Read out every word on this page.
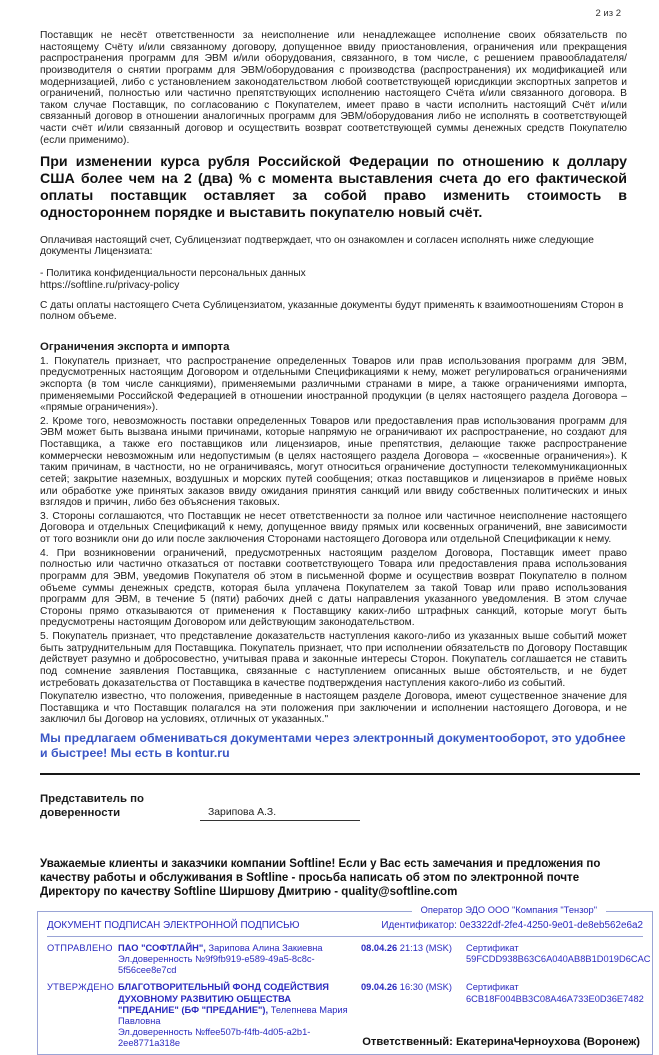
2 из 2

Поставщик не несёт ответственности за неисполнение или ненадлежащее исполнение своих обязательств по настоящему Счёту и/или связанному договору, допущенное ввиду приостановления, ограничения или прекращения распространения программ для ЭВМ и/или оборудования, связанного, в том числе, с решением правообладателя/производителя о снятии программ для ЭВМ/оборудования с производства (распространения) их модификацией или модернизацией, либо с установлением законодательством любой соответствующей юрисдикции экспортных запретов и ограничений, полностью или частично препятствующих исполнению настоящего Счёта и/или связанного договора. В таком случае Поставщик, по согласованию с Покупателем, имеет право в части исполнить настоящий Счёт и/или связанный договор в отношении аналогичных программ для ЭВМ/оборудования либо не исполнять в соответствующей части счёт и/или связанный договор и осуществить возврат соответствующей суммы денежных средств Покупателю (если применимо).

При изменении курса рубля Российской Федерации по отношению к доллару США более чем на 2 (два) % с момента выставления счета до его фактической оплаты поставщик оставляет за собой право изменить стоимость в одностороннем порядке и выставить покупателю новый счёт.

Оплачивая настоящий счет, Сублицензиат подтверждает, что он ознакомлен и согласен исполнять ниже следующие документы Лицензиата:

- Политика конфиденциальности персональных данных
https://softline.ru/privacy-policy

С даты оплаты настоящего Счета Сублицензиатом, указанные документы будут применять к взаимоотношениям Сторон в полном объеме.

Ограничения экспорта и импорта

1. Покупатель признает, что распространение определенных Товаров или прав использования программ для ЭВМ, предусмотренных настоящим Договором и отдельными Спецификациями к нему, может регулироваться ограничениями экспорта (в том числе санкциями), применяемыми различными странами в мире, а также ограничениями импорта, применяемыми Российской Федерацией в отношении иностранной продукции (в целях настоящего раздела Договора – «прямые ограничения»).

2. Кроме того, невозможность поставки определенных Товаров или предоставления прав использования программ для ЭВМ может быть вызвана иными причинами, которые напрямую не ограничивают их распространение, но создают для Поставщика, а также его поставщиков или лицензиаров, иные препятствия, делающие также распространение коммерчески невозможным или недопустимым (в целях настоящего раздела Договора – «косвенные ограничения»). К таким причинам, в частности, но не ограничиваясь, могут относиться ограничение доступности телекоммуникационных сетей; закрытие наземных, воздушных и морских путей сообщения; отказ поставщиков и лицензиаров в приёме новых или обработке уже принятых заказов ввиду ожидания принятия санкций или ввиду собственных политических и иных взглядов и причин, либо без объяснения таковых.

3. Стороны соглашаются, что Поставщик не несет ответственности за полное или частичное неисполнение настоящего Договора и отдельных Спецификаций к нему, допущенное ввиду прямых или косвенных ограничений, вне зависимости от того возникли они до или после заключения Сторонами настоящего Договора или отдельной Спецификации к нему.

4. При возникновении ограничений, предусмотренных настоящим разделом Договора, Поставщик имеет право полностью или частично отказаться от поставки соответствующего Товара или предоставления права использования программ для ЭВМ, уведомив Покупателя об этом в письменной форме и осуществив возврат Покупателю в полном объеме суммы денежных средств, которая была уплачена Покупателем за такой Товар или право использования программ для ЭВМ, в течение 5 (пяти) рабочих дней с даты направления указанного уведомления. В этом случае Стороны прямо отказываются от применения к Поставщику каких-либо штрафных санкций, которые могут быть предусмотрены настоящим Договором или действующим законодательством.

5. Покупатель признает, что представление доказательств наступления какого-либо из указанных выше событий может быть затруднительным для Поставщика. Покупатель признает, что при исполнении обязательств по Договору Поставщик действует разумно и добросовестно, учитывая права и законные интересы Сторон. Покупатель соглашается не ставить под сомнение заявления Поставщика, связанные с наступлением описанных выше обстоятельств, и не будет истребовать доказательства от Поставщика в качестве подтверждения наступления какого-либо из событий.

Покупателю известно, что положения, приведенные в настоящем разделе Договора, имеют существенное значение для Поставщика и что Поставщик полагался на эти положения при заключении и исполнении настоящего Договора, и не заключил бы Договор на условиях, отличных от указанных."

Мы предлагаем обмениваться документами через электронный документооборот, это удобнее и быстрее! Мы есть в kontur.ru

Представитель по доверенности	Зарипова А.З.

Уважаемые клиенты и заказчики компании Softline! Если у Вас есть замечания и предложения по качеству работы и обслуживания в Softline - просьба написать об этом по электронной почте Директору по качеству Softline Ширшову Дмитрию - quality@softline.com

Оператор ЭДО ООО "Компания "Тензор"
ДОКУМЕНТ ПОДПИСАН ЭЛЕКТРОННОЙ ПОДПИСЬЮ	Идентификатор: 0e3322df-2fe4-4250-9e01-de8eb562e6a2
ОТПРАВЛЕНО ПАО "СОФТЛАЙН", Зарипова Алина Закиевна
Эл.доверенность №9f9fb919-e589-49a5-8c8c-5f56cee8e7cd
08.04.26 21:13 (MSK)	Сертификат 59FCDD938B63C6A040AB8B1D019D6CAC
УТВЕРЖДЕНО БЛАГОТВОРИТЕЛЬНЫЙ ФОНД СОДЕЙСТВИЯ ДУХОВНОМУ РАЗВИТИЮ ОБЩЕСТВА "ПРЕДАНИЕ" (БФ "ПРЕДАНИЕ"), Телепнева Мария Павловна
Эл.доверенность №ffee507b-f4fb-4d05-a2b1-2ee8771a318e
09.04.26 16:30 (MSK)	Сертификат 6CB18F004BB3C08A46A733E0D36E7482
Ответственный: ЕкатеринаЧерноухова (Воронеж)
